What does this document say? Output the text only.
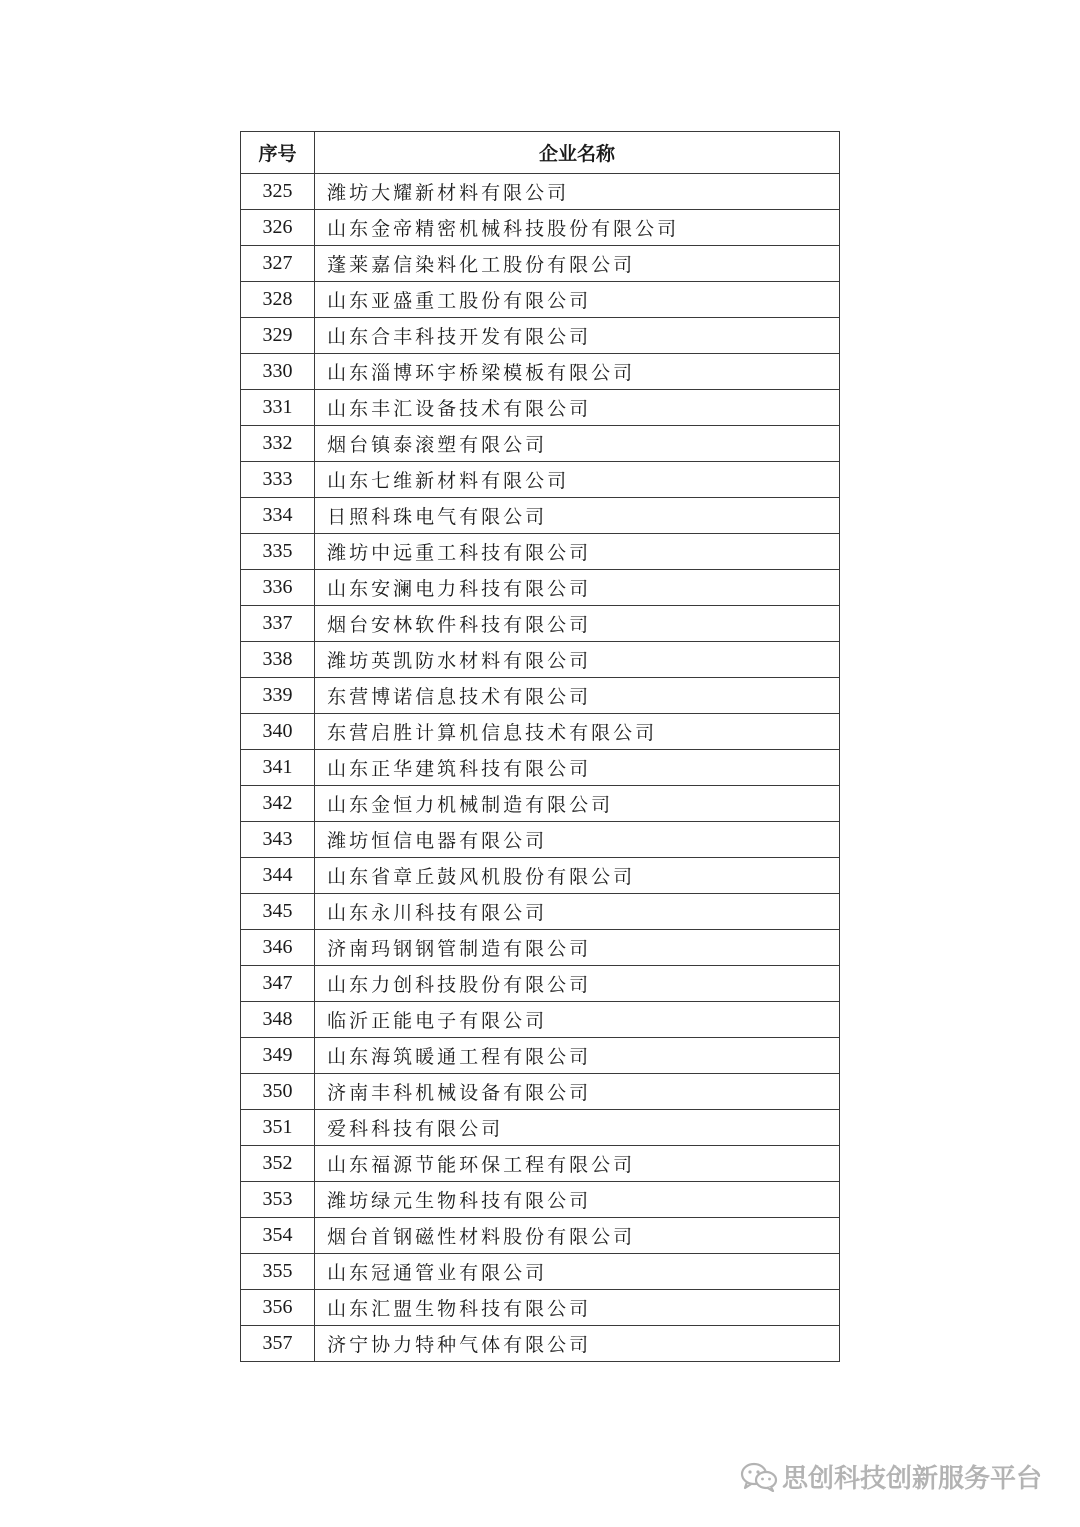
序号	企业名称
325	潍坊大耀新材料有限公司
326	山东金帝精密机械科技股份有限公司
327	蓬莱嘉信染料化工股份有限公司
328	山东亚盛重工股份有限公司
329	山东合丰科技开发有限公司
330	山东淄博环宇桥梁模板有限公司
331	山东丰汇设备技术有限公司
332	烟台镇泰滚塑有限公司
333	山东七维新材料有限公司
334	日照科珠电气有限公司
335	潍坊中远重工科技有限公司
336	山东安澜电力科技有限公司
337	烟台安林软件科技有限公司
338	潍坊英凯防水材料有限公司
339	东营博诺信息技术有限公司
340	东营启胜计算机信息技术有限公司
341	山东正华建筑科技有限公司
342	山东金恒力机械制造有限公司
343	潍坊恒信电器有限公司
344	山东省章丘鼓风机股份有限公司
345	山东永川科技有限公司
346	济南玛钢钢管制造有限公司
347	山东力创科技股份有限公司
348	临沂正能电子有限公司
349	山东海筑暖通工程有限公司
350	济南丰科机械设备有限公司
351	爱科科技有限公司
352	山东福源节能环保工程有限公司
353	潍坊绿元生物科技有限公司
354	烟台首钢磁性材料股份有限公司
355	山东冠通管业有限公司
356	山东汇盟生物科技有限公司
357	济宁协力特种气体有限公司
思创科技创新服务平台
